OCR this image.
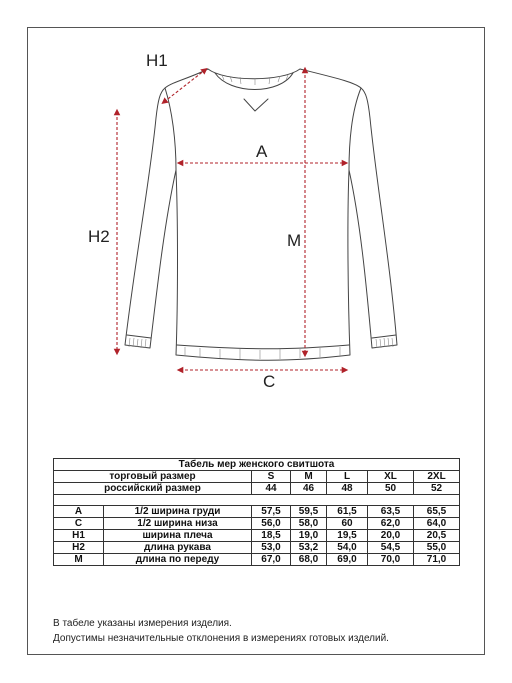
H1
A
H2	M
C
Табель мер женского свитшота						
торговый размер		S	M	L	XL	2XL
российский размер		44	46	48	50	52

A	1/2 ширина груди	57,5	59,5	61,5	63,5	65,5
C	1/2 ширина низа	56,0	58,0	60	62,0	64,0
H1	ширина плеча	18,5	19,0	19,5	20,0	20,5
H2	длина рукава	53,0	53,2	54,0	54,5	55,0
M	длина по переду	67,0	68,0	69,0	70,0	71,0
В табеле указаны измерения изделия.
Допустимы незначительные отклонения в измерениях готовых изделий.
